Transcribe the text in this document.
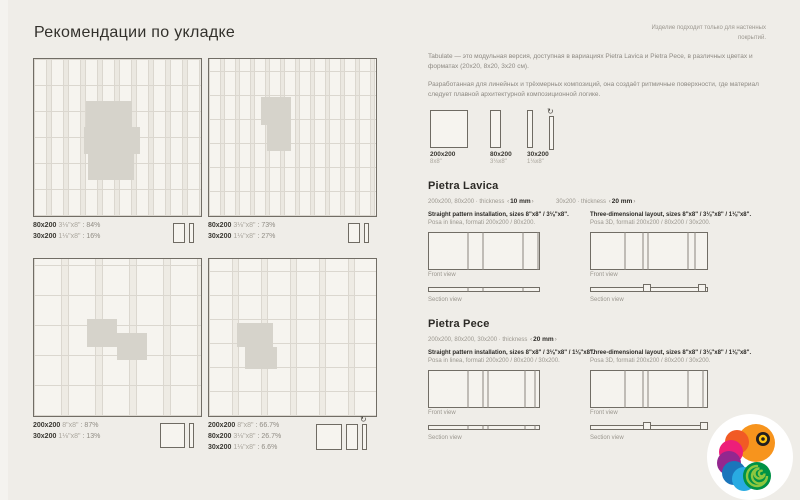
Рекомендации по укладке	Изделие подходит только для настенных покрытий.
80x200 3⅛"x8" : 84%
30x200 1⅛"x8" : 16%
80x200 3⅛"x8" : 73%
30x200 1⅛"x8" : 27%
200x200 8"x8" : 87%
30x200 1⅛"x8" : 13%
200x200 8"x8" : 66.7%
80x200 3⅛"x8" : 26.7%
30x200 1⅛"x8" : 6.6%
↻

Tabulate — это модульная версия, доступная в вариациях Pietra Lavica и Pietra Pece, в различных цветах и форматах (20x20, 8x20, 3x20 см).

Разработанная для линейных и трёхмерных композиций, она создаёт ритмичные поверхности, где материал следует плавной архитектурной композиционной логике.

200x200
8x8"
80x200
3⅛x8"
30x200
1⅛x8"
↻
Pietra Lavica
200x200, 80x200 · thickness ‹10 mm›	30x200 · thickness ‹20 mm›
Straight pattern installation, sizes 8"x8" / 3⅛"x8".
Posa in linea, formati 200x200 / 80x200.
Front view
Section view
Three-dimensional layout, sizes 8"x8" / 3⅛"x8" / 1⅛"x8".
Posa 3D, formati 200x200 / 80x200 / 30x200.
Front view
Section view
Pietra Pece
200x200, 80x200, 30x200 · thickness ‹20 mm›
Straight pattern installation, sizes 8"x8" / 3⅛"x8" / 1⅛"x8".
Posa in linea, formati 200x200 / 80x200 / 30x200.
Front view
Section view
Three-dimensional layout, sizes 8"x8" / 3⅛"x8" / 1⅛"x8".
Posa 3D, formati 200x200 / 80x200 / 30x200.
Front view
Section view
